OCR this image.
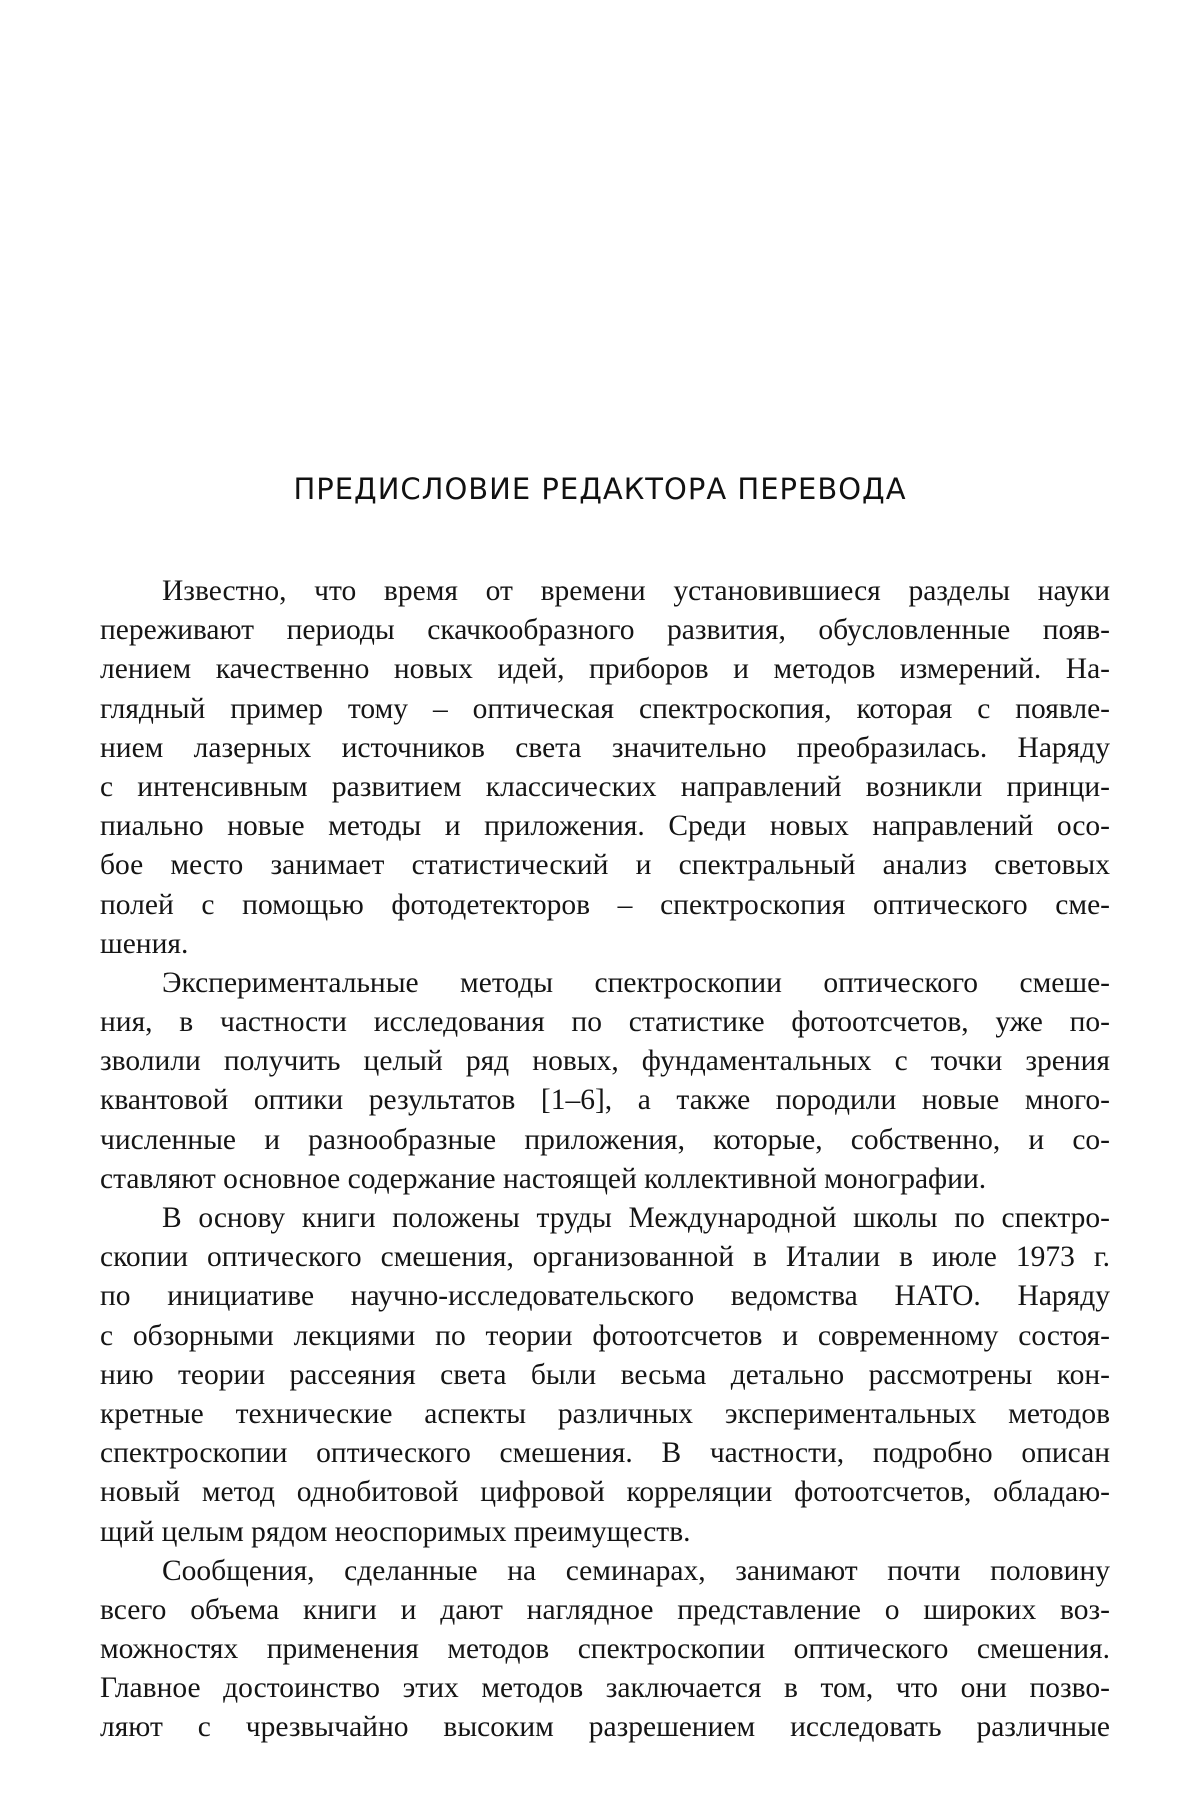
ПРЕДИСЛОВИЕ РЕДАКТОРА ПЕРЕВОДА
Известно, что время от времени установившиеся разделы науки
переживают периоды скачкообразного развития, обусловленные появ-
лением качественно новых идей, приборов и методов измерений. На-
глядный пример тому – оптическая спектроскопия, которая с появле-
нием лазерных источников света значительно преобразилась. Наряду
с интенсивным развитием классических направлений возникли принци-
пиально новые методы и приложения. Среди новых направлений осо-
бое место занимает статистический и спектральный анализ световых
полей с помощью фотодетекторов – спектроскопия оптического сме-
шения.
Экспериментальные методы спектроскопии оптического смеше-
ния, в частности исследования по статистике фотоотсчетов, уже по-
зволили получить целый ряд новых, фундаментальных с точки зрения
квантовой оптики результатов [1–6], а также породили новые много-
численные и разнообразные приложения, которые, собственно, и со-
ставляют основное содержание настоящей коллективной монографии.
В основу книги положены труды Международной школы по спектро-
скопии оптического смешения, организованной в Италии в июле 1973 г.
по инициативе научно-исследовательского ведомства НАТО. Наряду
с обзорными лекциями по теории фотоотсчетов и современному состоя-
нию теории рассеяния света были весьма детально рассмотрены кон-
кретные технические аспекты различных экспериментальных методов
спектроскопии оптического смешения. В частности, подробно описан
новый метод однобитовой цифровой корреляции фотоотсчетов, обладаю-
щий целым рядом неоспоримых преимуществ.
Сообщения, сделанные на семинарах, занимают почти половину
всего объема книги и дают наглядное представление о широких воз-
можностях применения методов спектроскопии оптического смешения.
Главное достоинство этих методов заключается в том, что они позво-
ляют с чрезвычайно высоким разрешением исследовать различные
